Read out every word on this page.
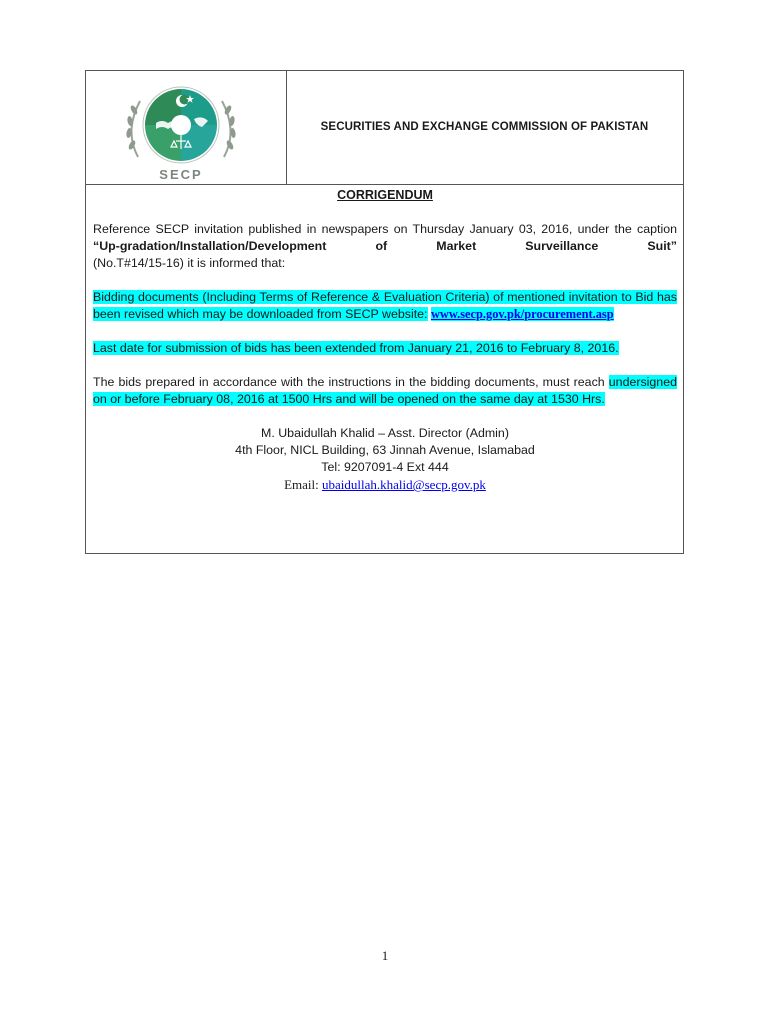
SECP
SECURITIES AND EXCHANGE COMMISSION OF PAKISTAN

CORRIGENDUM

Reference SECP invitation published in newspapers on Thursday January 03, 2016, under the caption “Up-gradation/Installation/Development	of	Market	Surveillance	Suit”
(No.T#14/15-16) it is informed that:

Bidding documents (Including Terms of Reference & Evaluation Criteria) of mentioned invitation to Bid has been revised which may be downloaded from SECP website: www.secp.gov.pk/procurement.asp

Last date for submission of bids has been extended from January 21, 2016 to February 8, 2016.

The bids prepared in accordance with the instructions in the bidding documents, must reach undersigned on or before February 08, 2016 at 1500 Hrs and will be opened on the same day at 1530 Hrs.

M. Ubaidullah Khalid – Asst. Director (Admin)
4th Floor, NICL Building, 63 Jinnah Avenue, Islamabad
Tel: 9207091-4 Ext 444
Email: ubaidullah.khalid@secp.gov.pk
1
